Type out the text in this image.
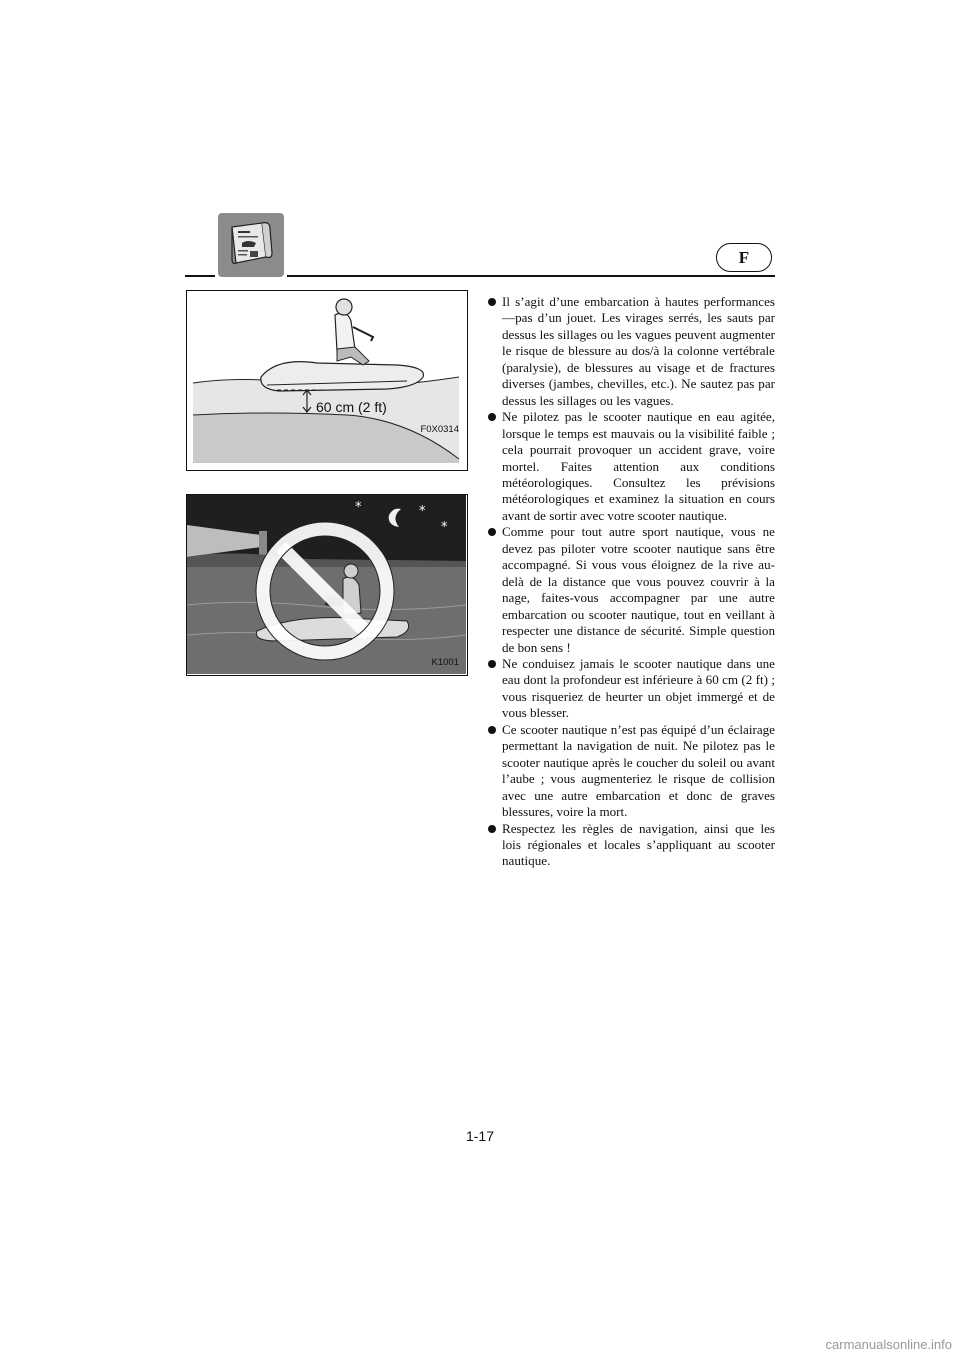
F
60 cm (2 ft)
F0X0314
*	*
*
K1001
Il s’agit d’une embarcation à hautes performances—pas d’un jouet. Les virages serrés, les sauts par dessus les sillages ou les vagues peuvent augmenter le risque de blessure au dos/à la colonne vertébrale (paralysie), de blessures au visage et de fractures diverses (jambes, chevilles, etc.). Ne sautez pas par dessus les sillages ou les vagues.
Ne pilotez pas le scooter nautique en eau agitée, lorsque le temps est mauvais ou la visibilité faible ; cela pourrait provoquer un accident grave, voire mortel. Faites attention aux conditions météorologiques. Consultez les prévisions météorologiques et examinez la situation en cours avant de sortir avec votre scooter nautique.
Comme pour tout autre sport nautique, vous ne devez pas piloter votre scooter nautique sans être accompagné. Si vous vous éloignez de la rive au-delà de la distance que vous pouvez couvrir à la nage, faites-vous accompagner par une autre embarcation ou scooter nautique, tout en veillant à respecter une distance de sécurité. Simple question de bon sens !
Ne conduisez jamais le scooter nautique dans une eau dont la profondeur est inférieure à 60 cm (2 ft) ; vous risqueriez de heurter un objet immergé et de vous blesser.
Ce scooter nautique n’est pas équipé d’un éclairage permettant la navigation de nuit. Ne pilotez pas le scooter nautique après le coucher du soleil ou avant l’aube ; vous augmenteriez le risque de collision avec une autre embarcation et donc de graves blessures, voire la mort.
Respectez les règles de navigation, ainsi que les lois régionales et locales s’appliquant au scooter nautique.
1-17
carmanualsonline.info
